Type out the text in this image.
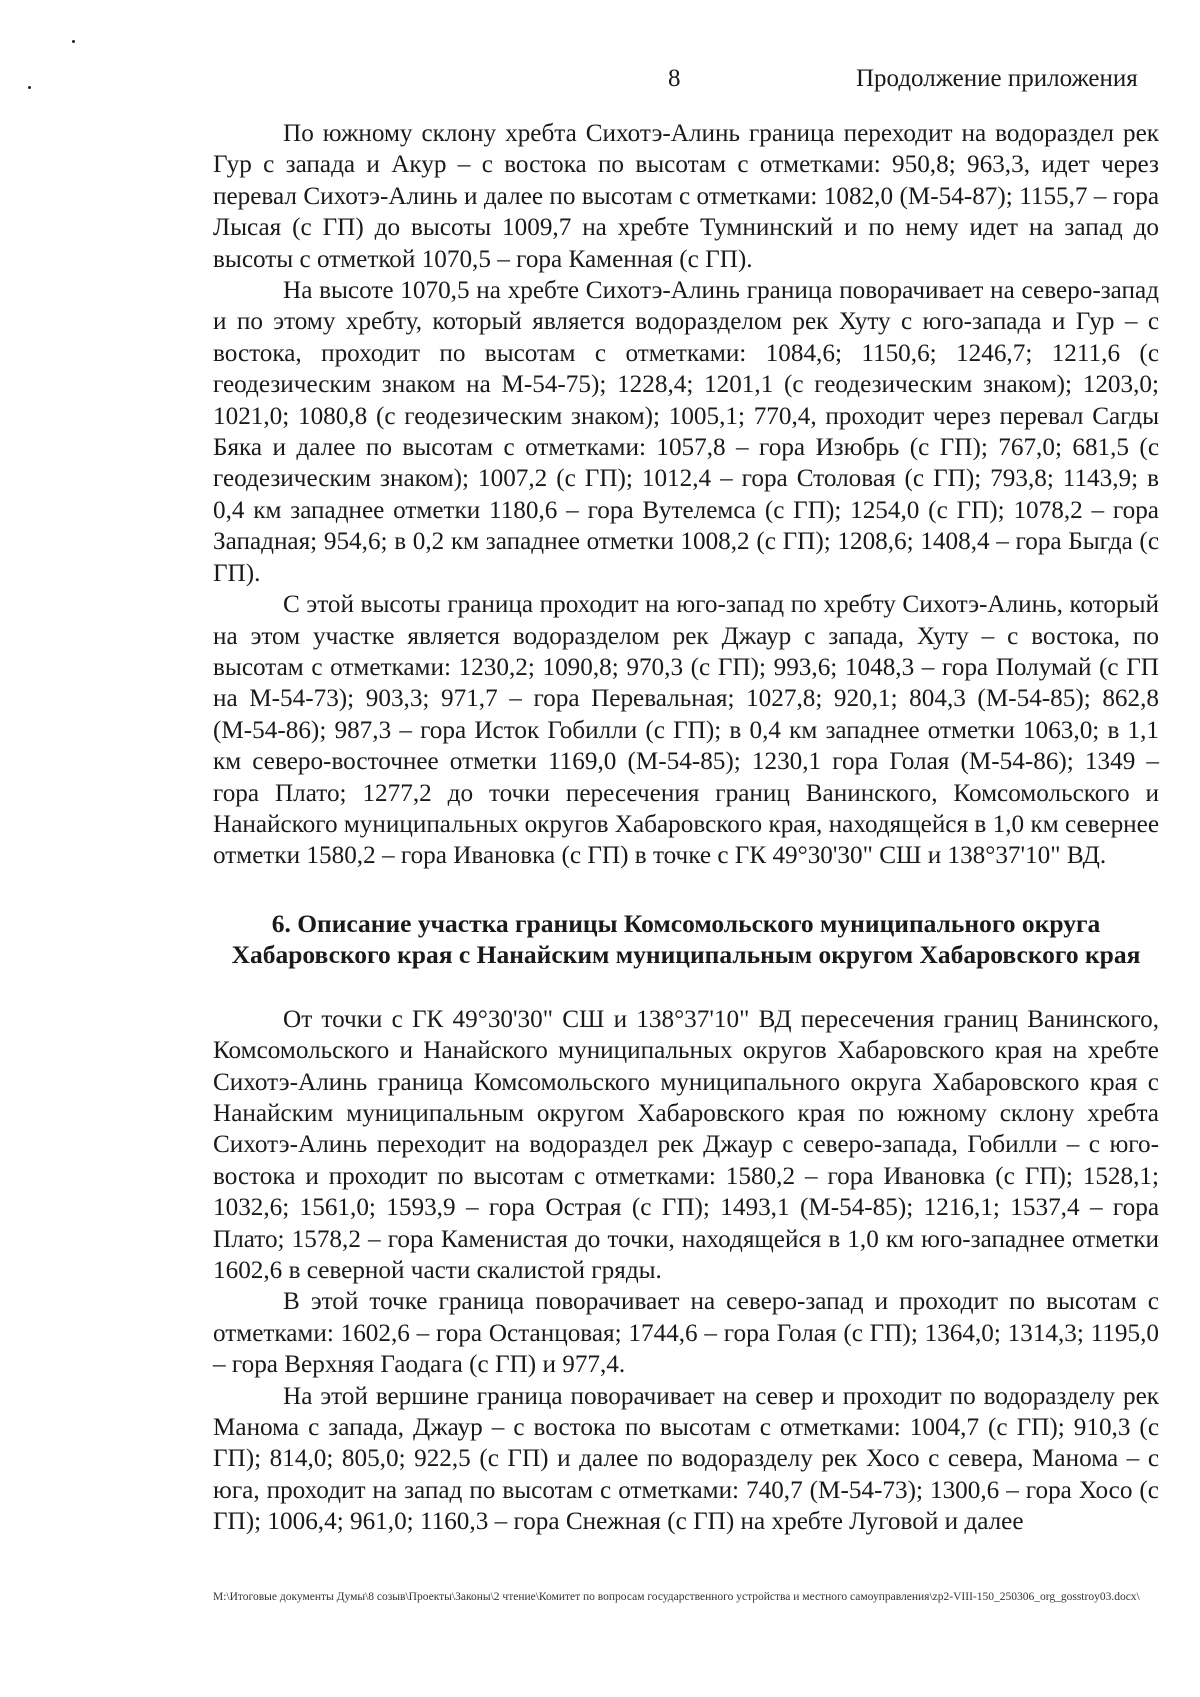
8	Продолжение приложения

По южному склону хребта Сихотэ-Алинь граница переходит на водораздел рек Гур с запада и Акур – с востока по высотам с отметками: 950,8; 963,3, идет через перевал Сихотэ-Алинь и далее по высотам с отметками: 1082,0 (М-54-87); 1155,7 – гора Лысая (с ГП) до высоты 1009,7 на хребте Тумнинский и по нему идет на запад до высоты с отметкой 1070,5 – гора Каменная (с ГП).

На высоте 1070,5 на хребте Сихотэ-Алинь граница поворачивает на северо-запад и по этому хребту, который является водоразделом рек Хуту с юго-запада и Гур – с востока, проходит по высотам с отметками: 1084,6; 1150,6; 1246,7; 1211,6 (с геодезическим знаком на М-54-75); 1228,4; 1201,1 (с геодезическим знаком); 1203,0; 1021,0; 1080,8 (с геодезическим знаком); 1005,1; 770,4, проходит через перевал Сагды Бяка и далее по высотам с отметками: 1057,8 – гора Изюбрь (с ГП); 767,0; 681,5 (с геодезическим знаком); 1007,2 (с ГП); 1012,4 – гора Столовая (с ГП); 793,8; 1143,9; в 0,4 км западнее отметки 1180,6 – гора Вутелемса (с ГП); 1254,0 (с ГП); 1078,2 – гора Западная; 954,6; в 0,2 км западнее отметки 1008,2 (с ГП); 1208,6; 1408,4 – гора Быгда (с ГП).

С этой высоты граница проходит на юго-запад по хребту Сихотэ-Алинь, который на этом участке является водоразделом рек Джаур с запада, Хуту – с востока, по высотам с отметками: 1230,2; 1090,8; 970,3 (с ГП); 993,6; 1048,3 – гора Полумай (с ГП на М-54-73); 903,3; 971,7 – гора Перевальная; 1027,8; 920,1; 804,3 (М-54-85); 862,8 (М-54-86); 987,3 – гора Исток Гобилли (с ГП); в 0,4 км западнее отметки 1063,0; в 1,1 км северо-восточнее отметки 1169,0 (М-54-85); 1230,1 гора Голая (М-54-86); 1349 – гора Плато; 1277,2 до точки пересечения границ Ванинского, Комсомольского и Нанайского муниципальных округов Хабаровского края, находящейся в 1,0 км севернее отметки 1580,2 – гора Ивановка (с ГП) в точке с ГК 49°30'30" СШ и 138°37'10" ВД.

6. Описание участка границы Комсомольского муниципального округа
Хабаровского края с Нанайским муниципальным округом Хабаровского края

От точки с ГК 49°30'30" СШ и 138°37'10" ВД пересечения границ Ванинского, Комсомольского и Нанайского муниципальных округов Хабаровского края на хребте Сихотэ-Алинь граница Комсомольского муниципального округа Хабаровского края с Нанайским муниципальным округом Хабаровского края по южному склону хребта Сихотэ-Алинь переходит на водораздел рек Джаур с северо-запада, Гобилли – с юго-востока и проходит по высотам с отметками: 1580,2 – гора Ивановка (с ГП); 1528,1; 1032,6; 1561,0; 1593,9 – гора Острая (с ГП); 1493,1 (М-54-85); 1216,1; 1537,4 – гора Плато; 1578,2 – гора Каменистая до точки, находящейся в 1,0 км юго-западнее отметки 1602,6 в северной части скалистой гряды.

В этой точке граница поворачивает на северо-запад и проходит по высотам с отметками: 1602,6 – гора Останцовая; 1744,6 – гора Голая (с ГП); 1364,0; 1314,3; 1195,0 – гора Верхняя Гаодага (с ГП) и 977,4.

На этой вершине граница поворачивает на север и проходит по водоразделу рек Манома с запада, Джаур – с востока по высотам с отметками: 1004,7 (с ГП); 910,3 (с ГП); 814,0; 805,0; 922,5 (с ГП) и далее по водоразделу рек Хосо с севера, Манома – с юга, проходит на запад по высотам с отметками: 740,7 (М-54-73); 1300,6 – гора Хосо (с ГП); 1006,4; 961,0; 1160,3 – гора Снежная (с ГП) на хребте Луговой и далее

M:\Итоговые документы Думы\8 созыв\Проекты\Законы\2 чтение\Комитет по вопросам государственного устройства и местного самоуправления\zp2-VIII-150_250306_org_gosstroy03.docx\
